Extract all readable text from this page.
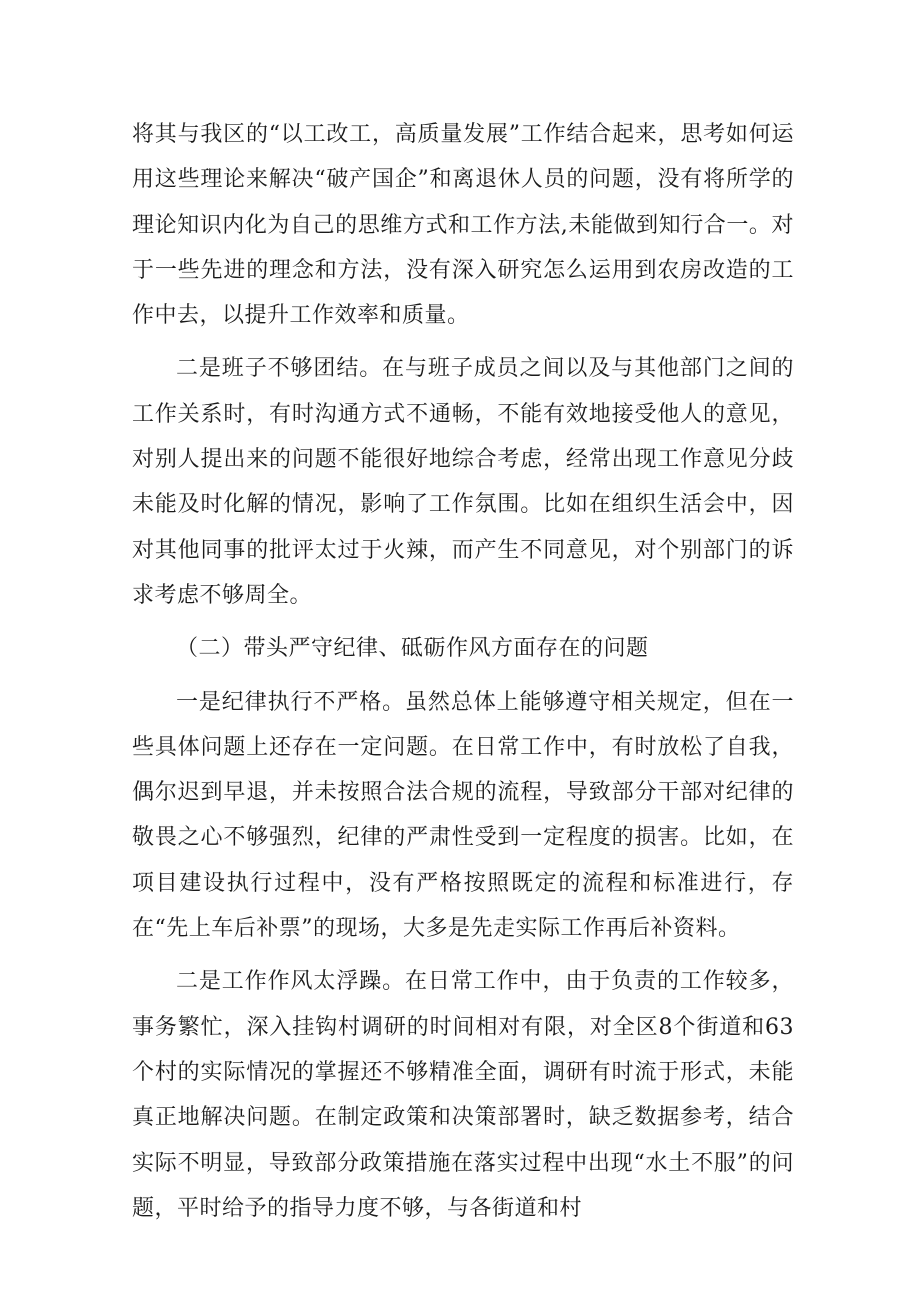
将其与我区的“以工改工，高质量发展”工作结合起来，思考如何运用这些理论来解决“破产国企”和离退休人员的问题，没有将所学的理论知识内化为自己的思维方式和工作方法,未能做到知行合一。对于一些先进的理念和方法，没有深入研究怎么运用到农房改造的工作中去，以提升工作效率和质量。

二是班子不够团结。在与班子成员之间以及与其他部门之间的工作关系时，有时沟通方式不通畅，不能有效地接受他人的意见，对别人提出来的问题不能很好地综合考虑，经常出现工作意见分歧未能及时化解的情况，影响了工作氛围。比如在组织生活会中，因对其他同事的批评太过于火辣，而产生不同意见，对个别部门的诉求考虑不够周全。

（二）带头严守纪律、砥砺作风方面存在的问题

一是纪律执行不严格。虽然总体上能够遵守相关规定，但在一些具体问题上还存在一定问题。在日常工作中，有时放松了自我，偶尔迟到早退，并未按照合法合规的流程，导致部分干部对纪律的敬畏之心不够强烈，纪律的严肃性受到一定程度的损害。比如，在项目建设执行过程中，没有严格按照既定的流程和标准进行，存在“先上车后补票”的现场，大多是先走实际工作再后补资料。

二是工作作风太浮躁。在日常工作中，由于负责的工作较多，事务繁忙，深入挂钩村调研的时间相对有限，对全区8个街道和63个村的实际情况的掌握还不够精准全面，调研有时流于形式，未能真正地解决问题。在制定政策和决策部署时，缺乏数据参考，结合实际不明显，导致部分政策措施在落实过程中出现“水土不服”的问题，平时给予的指导力度不够，与各街道和村
